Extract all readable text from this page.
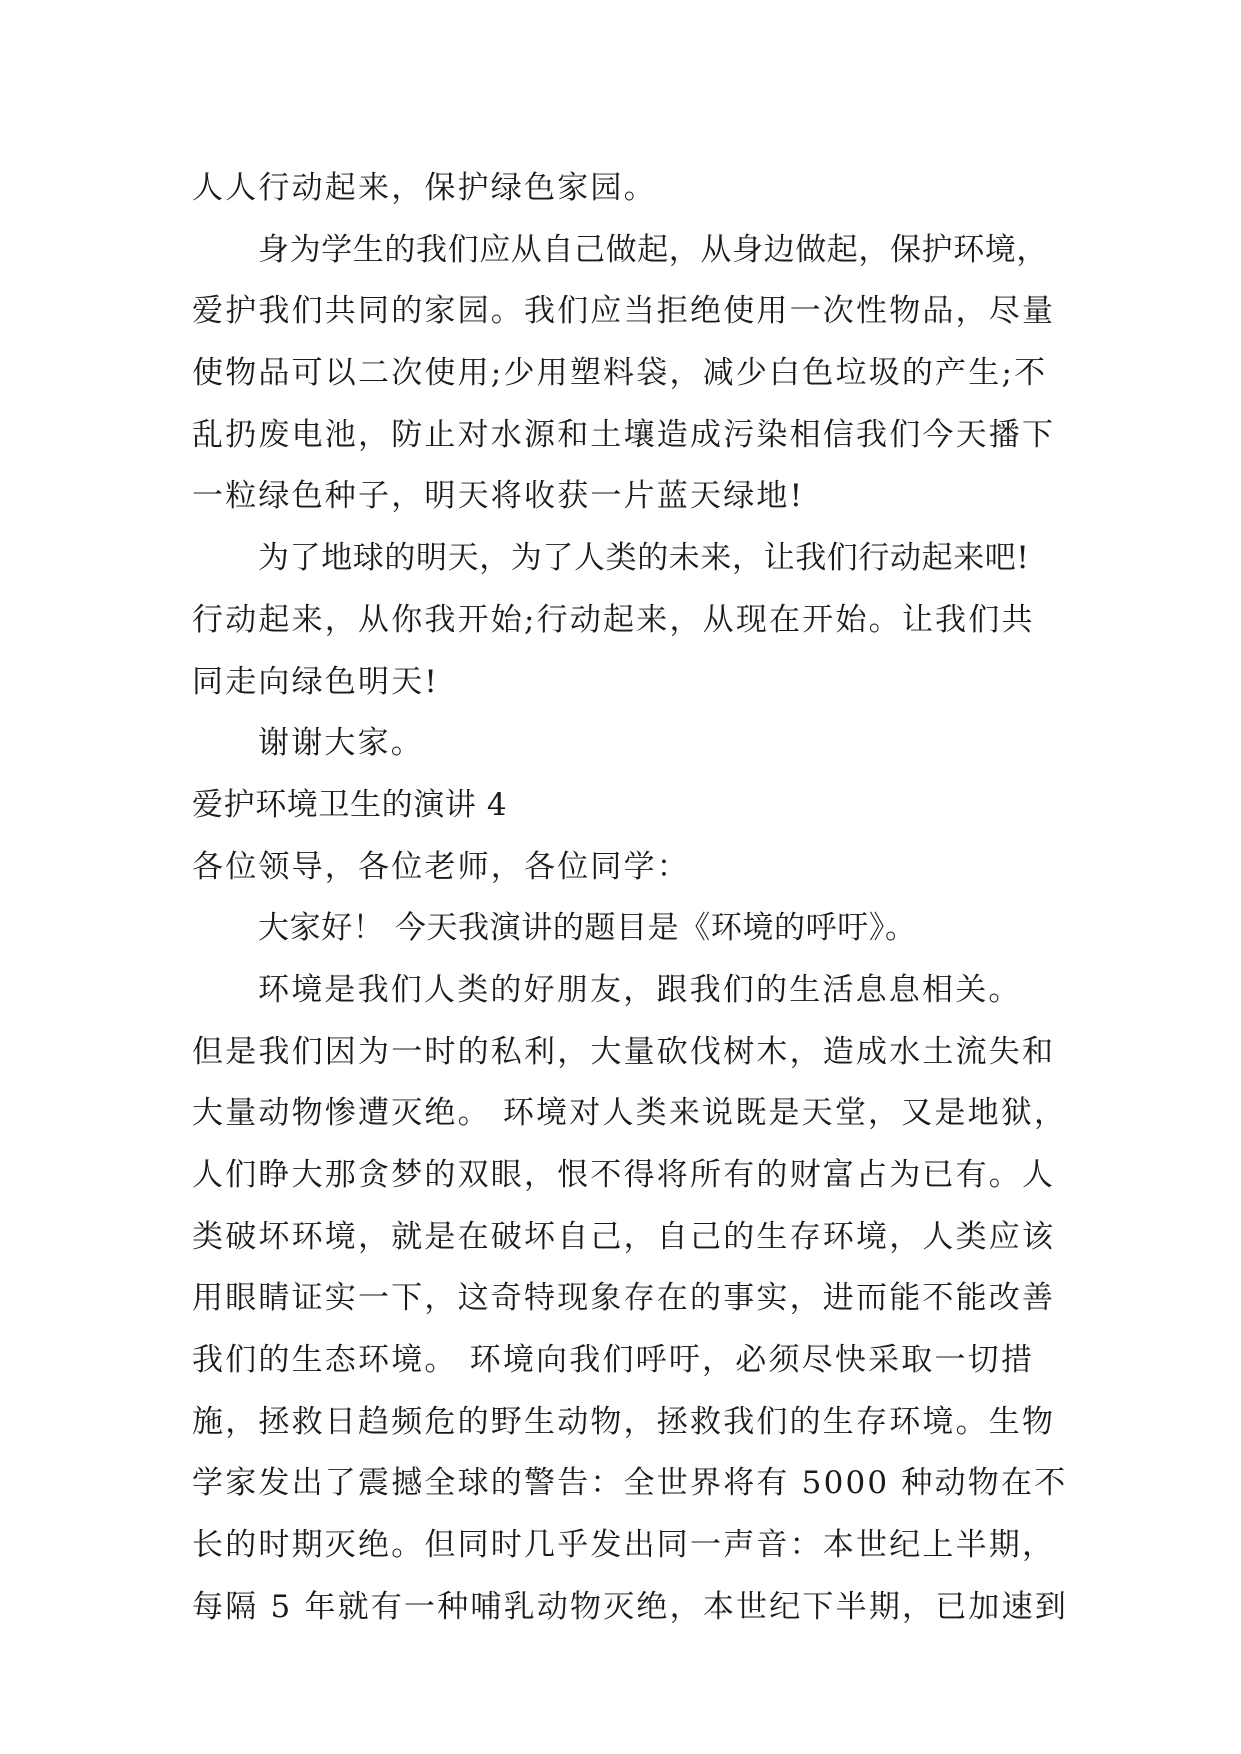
人人行动起来，保护绿色家园。
身为学生的我们应从自己做起，从身边做起，保护环境，
爱护我们共同的家园。我们应当拒绝使用一次性物品，尽量
使物品可以二次使用;少用塑料袋，减少白色垃圾的产生;不
乱扔废电池，防止对水源和土壤造成污染相信我们今天播下
一粒绿色种子，明天将收获一片蓝天绿地!
为了地球的明天，为了人类的未来，让我们行动起来吧!
行动起来，从你我开始;行动起来，从现在开始。让我们共
同走向绿色明天!
谢谢大家。
爱护环境卫生的演讲 4
各位领导，各位老师，各位同学：
大家好！ 今天我演讲的题目是《环境的呼吁》。
环境是我们人类的好朋友，跟我们的生活息息相关。
但是我们因为一时的私利，大量砍伐树木，造成水土流失和
大量动物惨遭灭绝。 环境对人类来说既是天堂，又是地狱，
人们睁大那贪梦的双眼，恨不得将所有的财富占为已有。人
类破坏环境，就是在破坏自己，自己的生存环境，人类应该
用眼睛证实一下，这奇特现象存在的事实，进而能不能改善
我们的生态环境。 环境向我们呼吁，必须尽快采取一切措
施，拯救日趋频危的野生动物，拯救我们的生存环境。生物
学家发出了震撼全球的警告：全世界将有 5000 种动物在不
长的时期灭绝。但同时几乎发出同一声音：本世纪上半期，
每隔 5 年就有一种哺乳动物灭绝，本世纪下半期，已加速到
